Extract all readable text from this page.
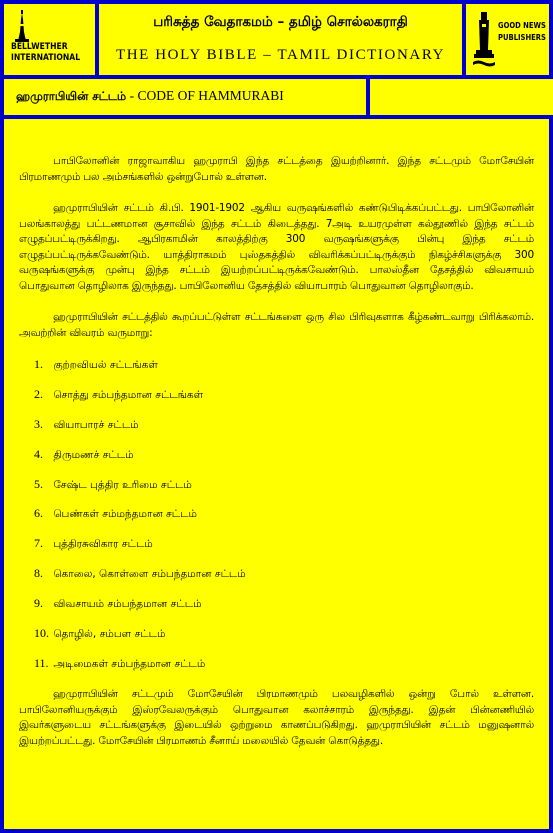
BELLWETHER
INTERNATIONAL
பரிசுத்த வேதாகமம் – தமிழ் சொல்லகராதி
THE HOLY BIBLE – TAMIL DICTIONARY
GOOD NEWS
PUBLISHERS
ஹமுராபியின் சட்டம் - CODE OF HAMMURABI

பாபிலோனின் ராஜாவாகிய ஹமுராபி இந்த சட்டத்தை இயற்றினார். இந்த சட்டமும் மோசேயின் பிரமாணமும் பல அம்சங்களில் ஒன்றுபோல் உள்ளன.

ஹமுராபியின் சட்டம் கி.பி. 1901-1902 ஆகிய வருஷங்களில் கண்டுபிடிக்கப்பட்டது. பாபிலோனின் பலங்காலத்து பட்டணமான சூசாவில் இந்த சட்டம் கிடைத்தது. 7அடி உயரமுள்ள கல்தூணில் இந்த சட்டம் எழுதப்பட்டிருக்கிறது. ஆபிரகாமின் காலத்திற்கு 300 வருஷங்களுக்கு பின்பு இந்த சட்டம் எழுதப்பட்டிருக்கவேண்டும். யாத்திராகமம் புஸ்தகத்தில் விவரிக்கப்பட்டிருக்கும் நிகழ்ச்சிகளுக்கு 300 வருஷங்களுக்கு முன்பு இந்த சட்டம் இயற்றப்பட்டிருக்கவேண்டும். பாலஸ்தீன தேசத்தில் விவசாயம் பொதுவான தொழிலாக இருந்தது. பாபிலோனிய தேசத்தில் வியாபாரம் பொதுவான தொழிலாகும்.

ஹமுராபியின் சட்டத்தில் கூறப்பட்டுள்ள சட்டங்களை ஒரு சில பிரிவுகளாக கீழ்கண்டவாறு பிரிக்கலாம். அவற்றின் விவரம் வருமாறு:

1. குற்றவியல் சட்டங்கள்
2. சொத்து சம்பந்தமான சட்டங்கள்
3. வியாபாரச் சட்டம்
4. திருமணச் சட்டம்
5. சேஷ்ட புத்திர உரிமை சட்டம்
6. பெண்கள் சம்மந்தமான சட்டம்
7. புத்திரசுவிகார சட்டம்
8. கொலை, கொள்ளை சம்பந்தமான சட்டம்
9. விவசாயம் சம்பந்தமான சட்டம்
10. தொழில், சம்பள சட்டம்
11. அடிமைகள் சம்பந்தமான சட்டம்

ஹமுராபியின் சட்டமும் மோசேயின் பிரமாணமும் பலவழிகளில் ஒன்று போல் உள்ளன. பாபிலோனியருக்கும் இஸ்ரவேலருக்கும் பொதுவான கலாச்சாரம் இருந்தது. இதன் பின்னணியில் இவர்களுடைய சட்டங்களுக்கு இடையில் ஒற்றுமை காணப்படுகிறது. ஹமுராபியின் சட்டம் மனுஷனால் இயற்றப்பட்டது. மோசேயின் பிரமாணம் சீனாய் மலையில் தேவன் கொடுத்தது.
